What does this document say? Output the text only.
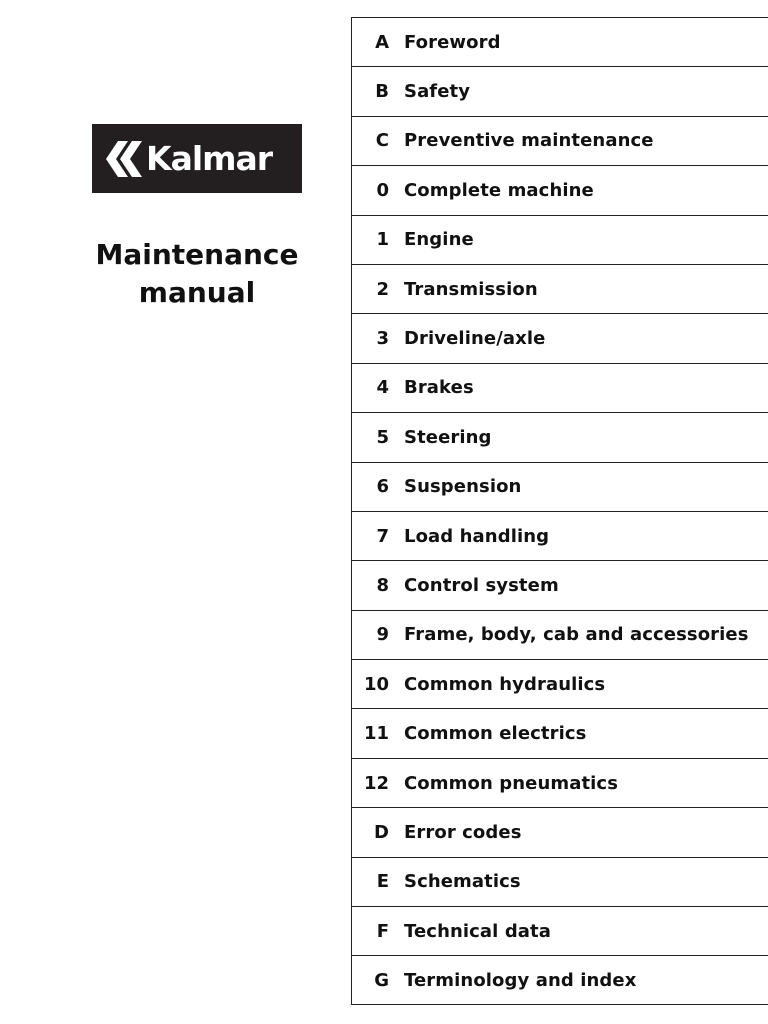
Kalmar
Maintenance
manual
A Foreword
B Safety
C Preventive maintenance
0 Complete machine
1 Engine
2 Transmission
3 Driveline/axle
4 Brakes
5 Steering
6 Suspension
7 Load handling
8 Control system
9 Frame, body, cab and accessories
10 Common hydraulics
11 Common electrics
12 Common pneumatics
D Error codes
E Schematics
F Technical data
G Terminology and index
